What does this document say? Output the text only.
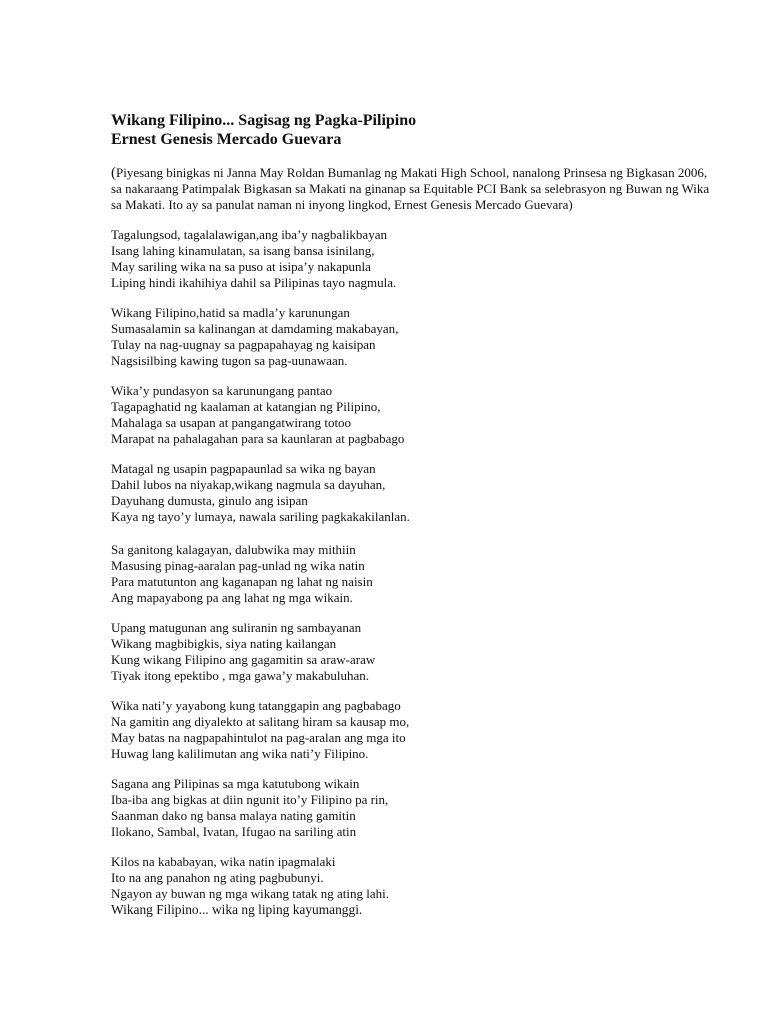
Wikang Filipino... Sagisag ng Pagka-Pilipino
Ernest Genesis Mercado Guevara
(Piyesang binigkas ni Janna May Roldan Bumanlag ng Makati High School, nanalong Prinsesa ng Bigkasan 2006, sa nakaraang Patimpalak Bigkasan sa Makati na ginanap sa Equitable PCI Bank sa selebrasyon ng Buwan ng Wika sa Makati. Ito ay sa panulat naman ni inyong lingkod, Ernest Genesis Mercado Guevara)
Tagalungsod, tagalalawigan,ang iba’y nagbalikbayan
Isang lahing kinamulatan, sa isang bansa isinilang,
May sariling wika na sa puso at isipa’y nakapunla
Liping hindi ikahihiya dahil sa Pilipinas tayo nagmula.
Wikang Filipino,hatid sa madla’y karunungan
Sumasalamin sa kalinangan at damdaming makabayan,
Tulay na nag-uugnay sa pagpapahayag ng kaisipan
Nagsisilbing kawing tugon sa pag-uunawaan.
Wika’y pundasyon sa karunungang pantao
Tagapaghatid ng kaalaman at katangian ng Pilipino,
Mahalaga sa usapan at pangangatwirang totoo
Marapat na pahalagahan para sa kaunlaran at pagbabago
Matagal ng usapin pagpapaunlad sa wika ng bayan
Dahil lubos na niyakap,wikang nagmula sa dayuhan,
Dayuhang dumusta, ginulo ang isipan
Kaya ng tayo’y lumaya, nawala sariling pagkakakilanlan.
Sa ganitong kalagayan, dalubwika may mithiin
Masusing pinag-aaralan pag-unlad ng wika natin
Para matutunton ang kaganapan ng lahat ng naisin
Ang mapayabong pa ang lahat ng mga wikain.
Upang matugunan ang suliranin ng sambayanan
Wikang magbibigkis, siya nating kailangan
Kung wikang Filipino ang gagamitin sa araw-araw
Tiyak itong epektibo , mga gawa’y makabuluhan.
Wika nati’y yayabong kung tatanggapin ang pagbabago
Na gamitin ang diyalekto at salitang hiram sa kausap mo,
May batas na nagpapahintulot na pag-aralan ang mga ito
Huwag lang kalilimutan ang wika nati’y Filipino.
Sagana ang Pilipinas sa mga katutubong wikain
Iba-iba ang bigkas at diin ngunit ito’y Filipino pa rin,
Saanman dako ng bansa malaya nating gamitin
Ilokano, Sambal, Ivatan, Ifugao na sariling atin
Kilos na kababayan, wika natin ipagmalaki
Ito na ang panahon ng ating pagbubunyi.
Ngayon ay buwan ng mga wikang tatak ng ating lahi.
Wikang Filipino... wika ng liping kayumanggi.
